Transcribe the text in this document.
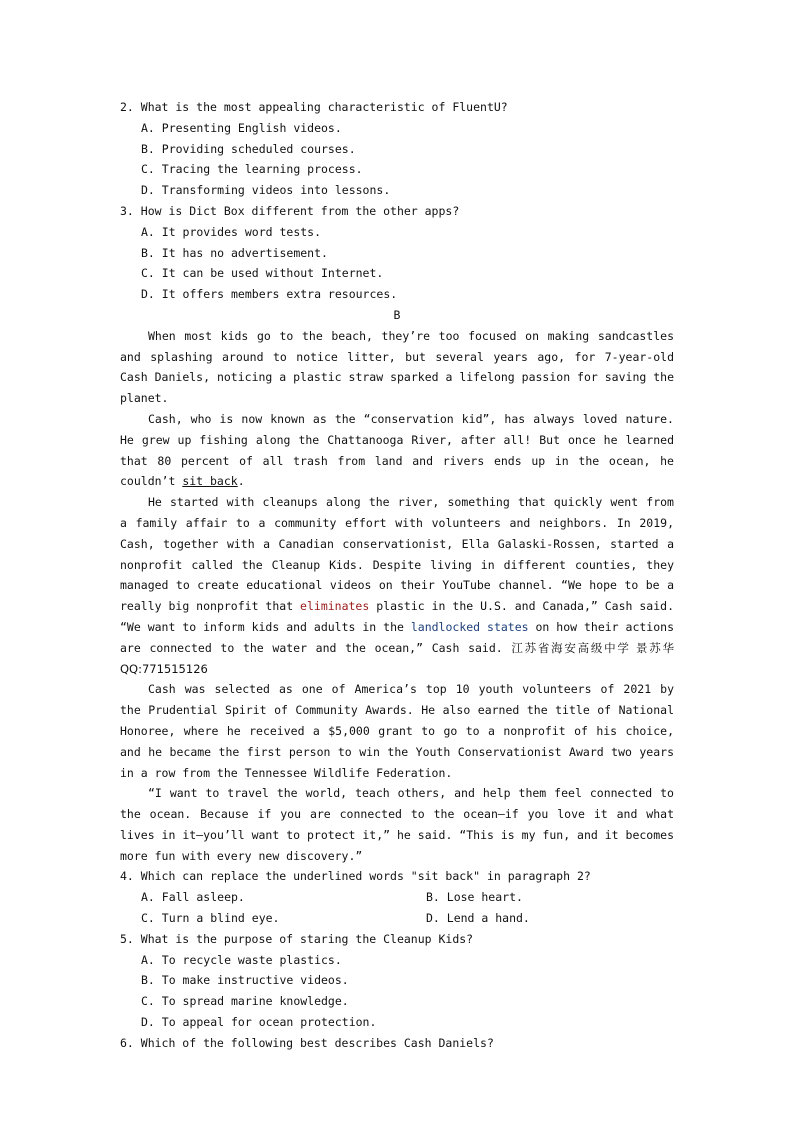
2. What is the most appealing characteristic of FluentU?
A. Presenting English videos.
B. Providing scheduled courses.
C. Tracing the learning process.
D. Transforming videos into lessons.
3. How is Dict Box different from the other apps?
A. It provides word tests.
B. It has no advertisement.
C. It can be used without Internet.
D. It offers members extra resources.
B
When most kids go to the beach, they’re too focused on making sandcastles and splashing around to notice litter, but several years ago, for 7-year-old Cash Daniels, noticing a plastic straw sparked a lifelong passion for saving the planet.
Cash, who is now known as the “conservation kid”, has always loved nature. He grew up fishing along the Chattanooga River, after all! But once he learned that 80 percent of all trash from land and rivers ends up in the ocean, he couldn’t sit back.
He started with cleanups along the river, something that quickly went from a family affair to a community effort with volunteers and neighbors. In 2019, Cash, together with a Canadian conservationist, Ella Galaski-Rossen, started a nonprofit called the Cleanup Kids. Despite living in different counties, they managed to create educational videos on their YouTube channel. “We hope to be a really big nonprofit that eliminates plastic in the U.S. and Canada,” Cash said. “We want to inform kids and adults in the landlocked states on how their actions are connected to the water and the ocean,” Cash said. 江苏省海安高级中学 景苏华 QQ:771515126
Cash was selected as one of America’s top 10 youth volunteers of 2021 by the Prudential Spirit of Community Awards. He also earned the title of National Honoree, where he received a $5,000 grant to go to a nonprofit of his choice, and he became the first person to win the Youth Conservationist Award two years in a row from the Tennessee Wildlife Federation.
“I want to travel the world, teach others, and help them feel connected to the ocean. Because if you are connected to the ocean—if you love it and what lives in it—you’ll want to protect it,” he said. “This is my fun, and it becomes more fun with every new discovery.”
4. Which can replace the underlined words "sit back" in paragraph 2?
A. Fall asleep.	B. Lose heart.
C. Turn a blind eye.	D. Lend a hand.
5. What is the purpose of staring the Cleanup Kids?
A. To recycle waste plastics.
B. To make instructive videos.
C. To spread marine knowledge.
D. To appeal for ocean protection.
6. Which of the following best describes Cash Daniels?
